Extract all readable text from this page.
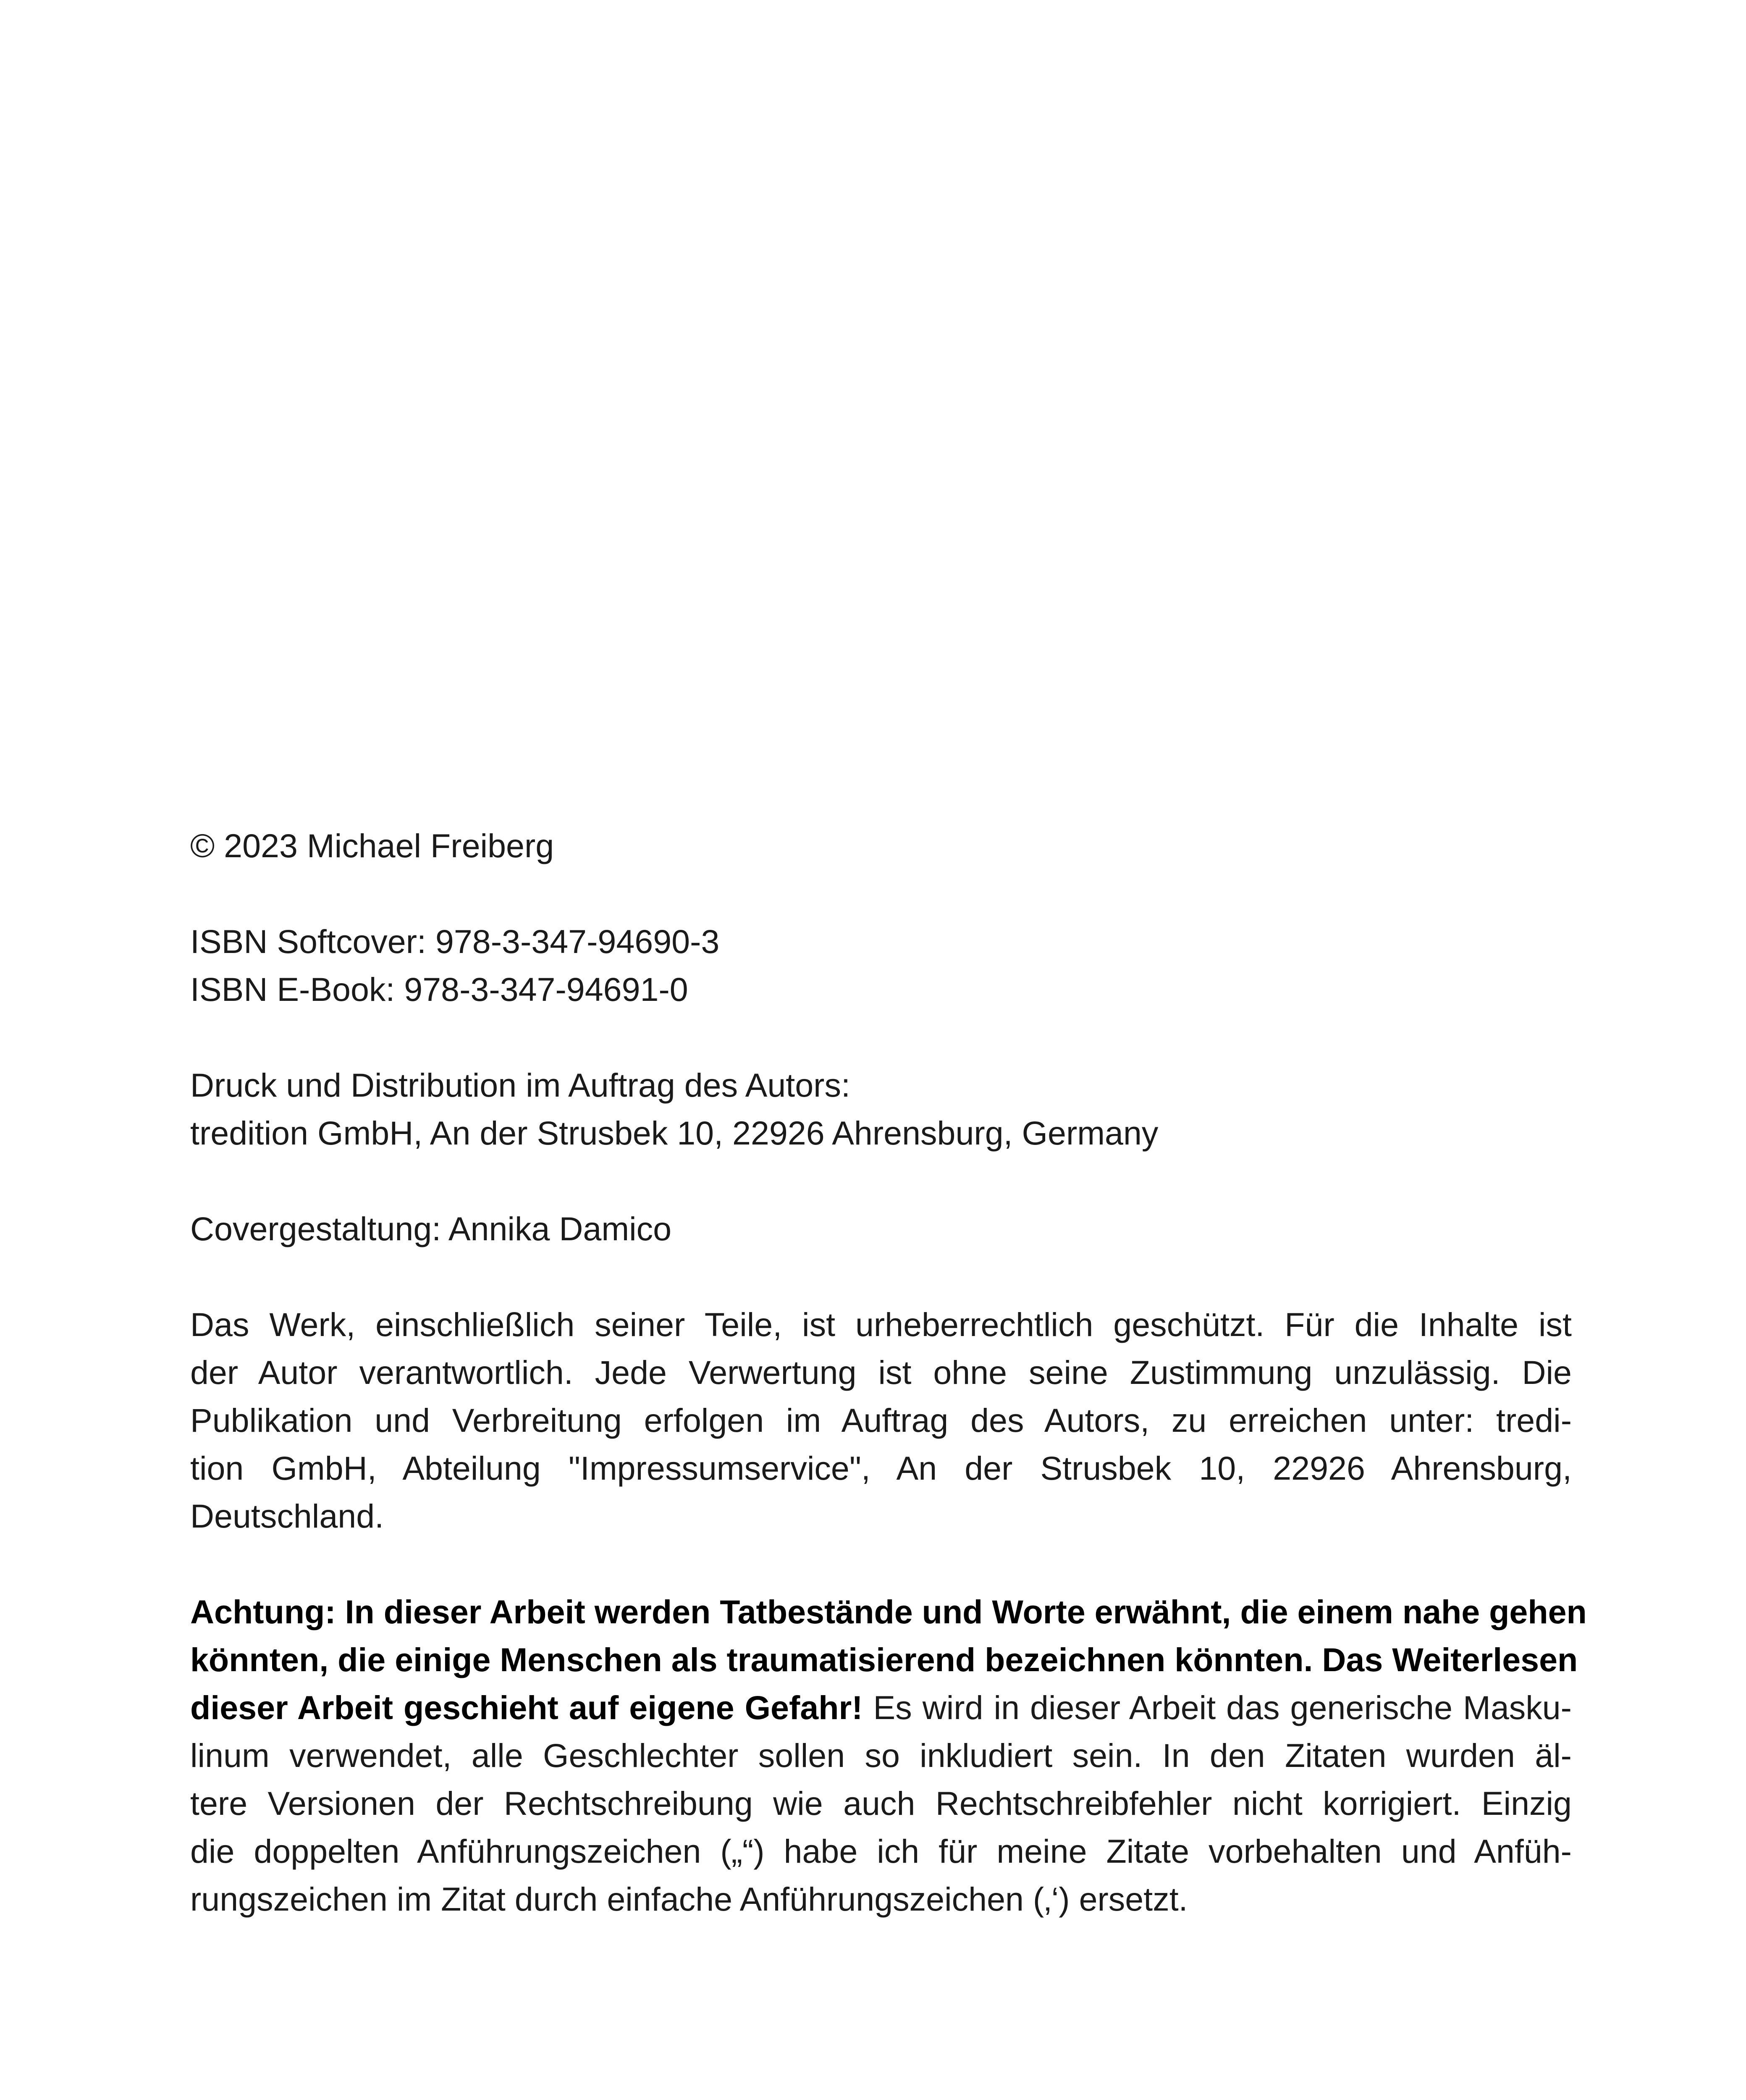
© 2023 Michael Freiberg

ISBN Softcover: 978-3-347-94690-3
ISBN E-Book: 978-3-347-94691-0

Druck und Distribution im Auftrag des Autors:
tredition GmbH, An der Strusbek 10, 22926 Ahrensburg, Germany

Covergestaltung: Annika Damico

Das Werk, einschließlich seiner Teile, ist urheberrechtlich geschützt. Für die Inhalte ist
der Autor verantwortlich. Jede Verwertung ist ohne seine Zustimmung unzulässig. Die
Publikation und Verbreitung erfolgen im Auftrag des Autors, zu erreichen unter: tredi-
tion GmbH, Abteilung "Impressumservice", An der Strusbek 10, 22926 Ahrensburg,
Deutschland.

Achtung: In dieser Arbeit werden Tatbestände und Worte erwähnt, die einem nahe gehen
könnten, die einige Menschen als traumatisierend bezeichnen könnten. Das Weiterlesen
dieser Arbeit geschieht auf eigene Gefahr! Es wird in dieser Arbeit das generische Masku-
linum verwendet, alle Geschlechter sollen so inkludiert sein. In den Zitaten wurden äl-
tere Versionen der Rechtschreibung wie auch Rechtschreibfehler nicht korrigiert. Einzig
die doppelten Anführungszeichen („“) habe ich für meine Zitate vorbehalten und Anfüh-
rungszeichen im Zitat durch einfache Anführungszeichen (‚‘) ersetzt.
